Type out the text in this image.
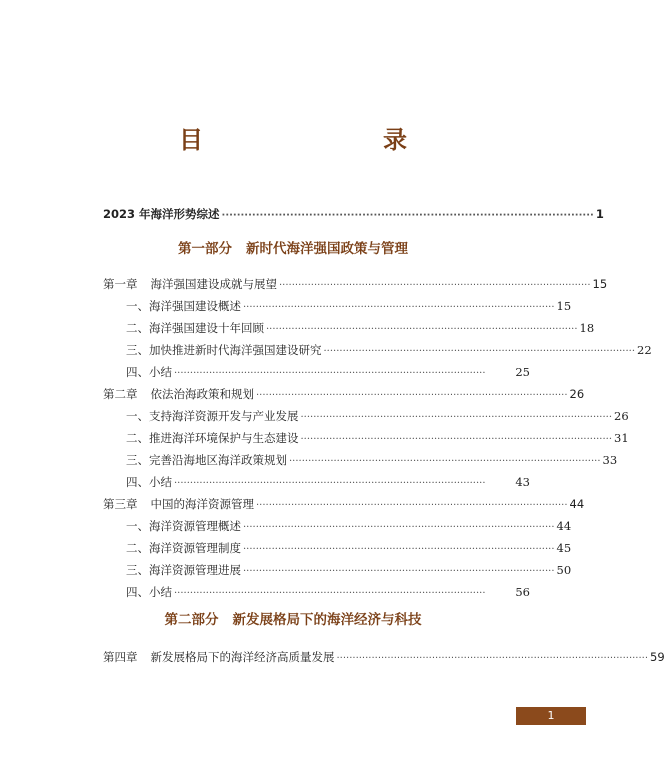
目　　录
2023 年海洋形势综述 ·································································································· 1
第一部分 新时代海洋强国政策与管理
第一章 海洋强国建设成就与展望 ·································································································· 15
一、海洋强国建设概述 ·································································································· 15
二、海洋强国建设十年回顾 ·································································································· 18
三、加快推进新时代海洋强国建设研究 ·································································································· 22
四、小结 ··································································································	25
第二章 依法治海政策和规划 ·································································································· 26
一、支持海洋资源开发与产业发展 ·································································································· 26
二、推进海洋环境保护与生态建设 ·································································································· 31
三、完善沿海地区海洋政策规划 ·································································································· 33
四、小结 ··································································································	43
第三章 中国的海洋资源管理 ·································································································· 44
一、海洋资源管理概述 ·································································································· 44
二、海洋资源管理制度 ·································································································· 45
三、海洋资源管理进展 ·································································································· 50
四、小结 ··································································································	56
第二部分 新发展格局下的海洋经济与科技
第四章 新发展格局下的海洋经济高质量发展 ·································································································· 59
1
